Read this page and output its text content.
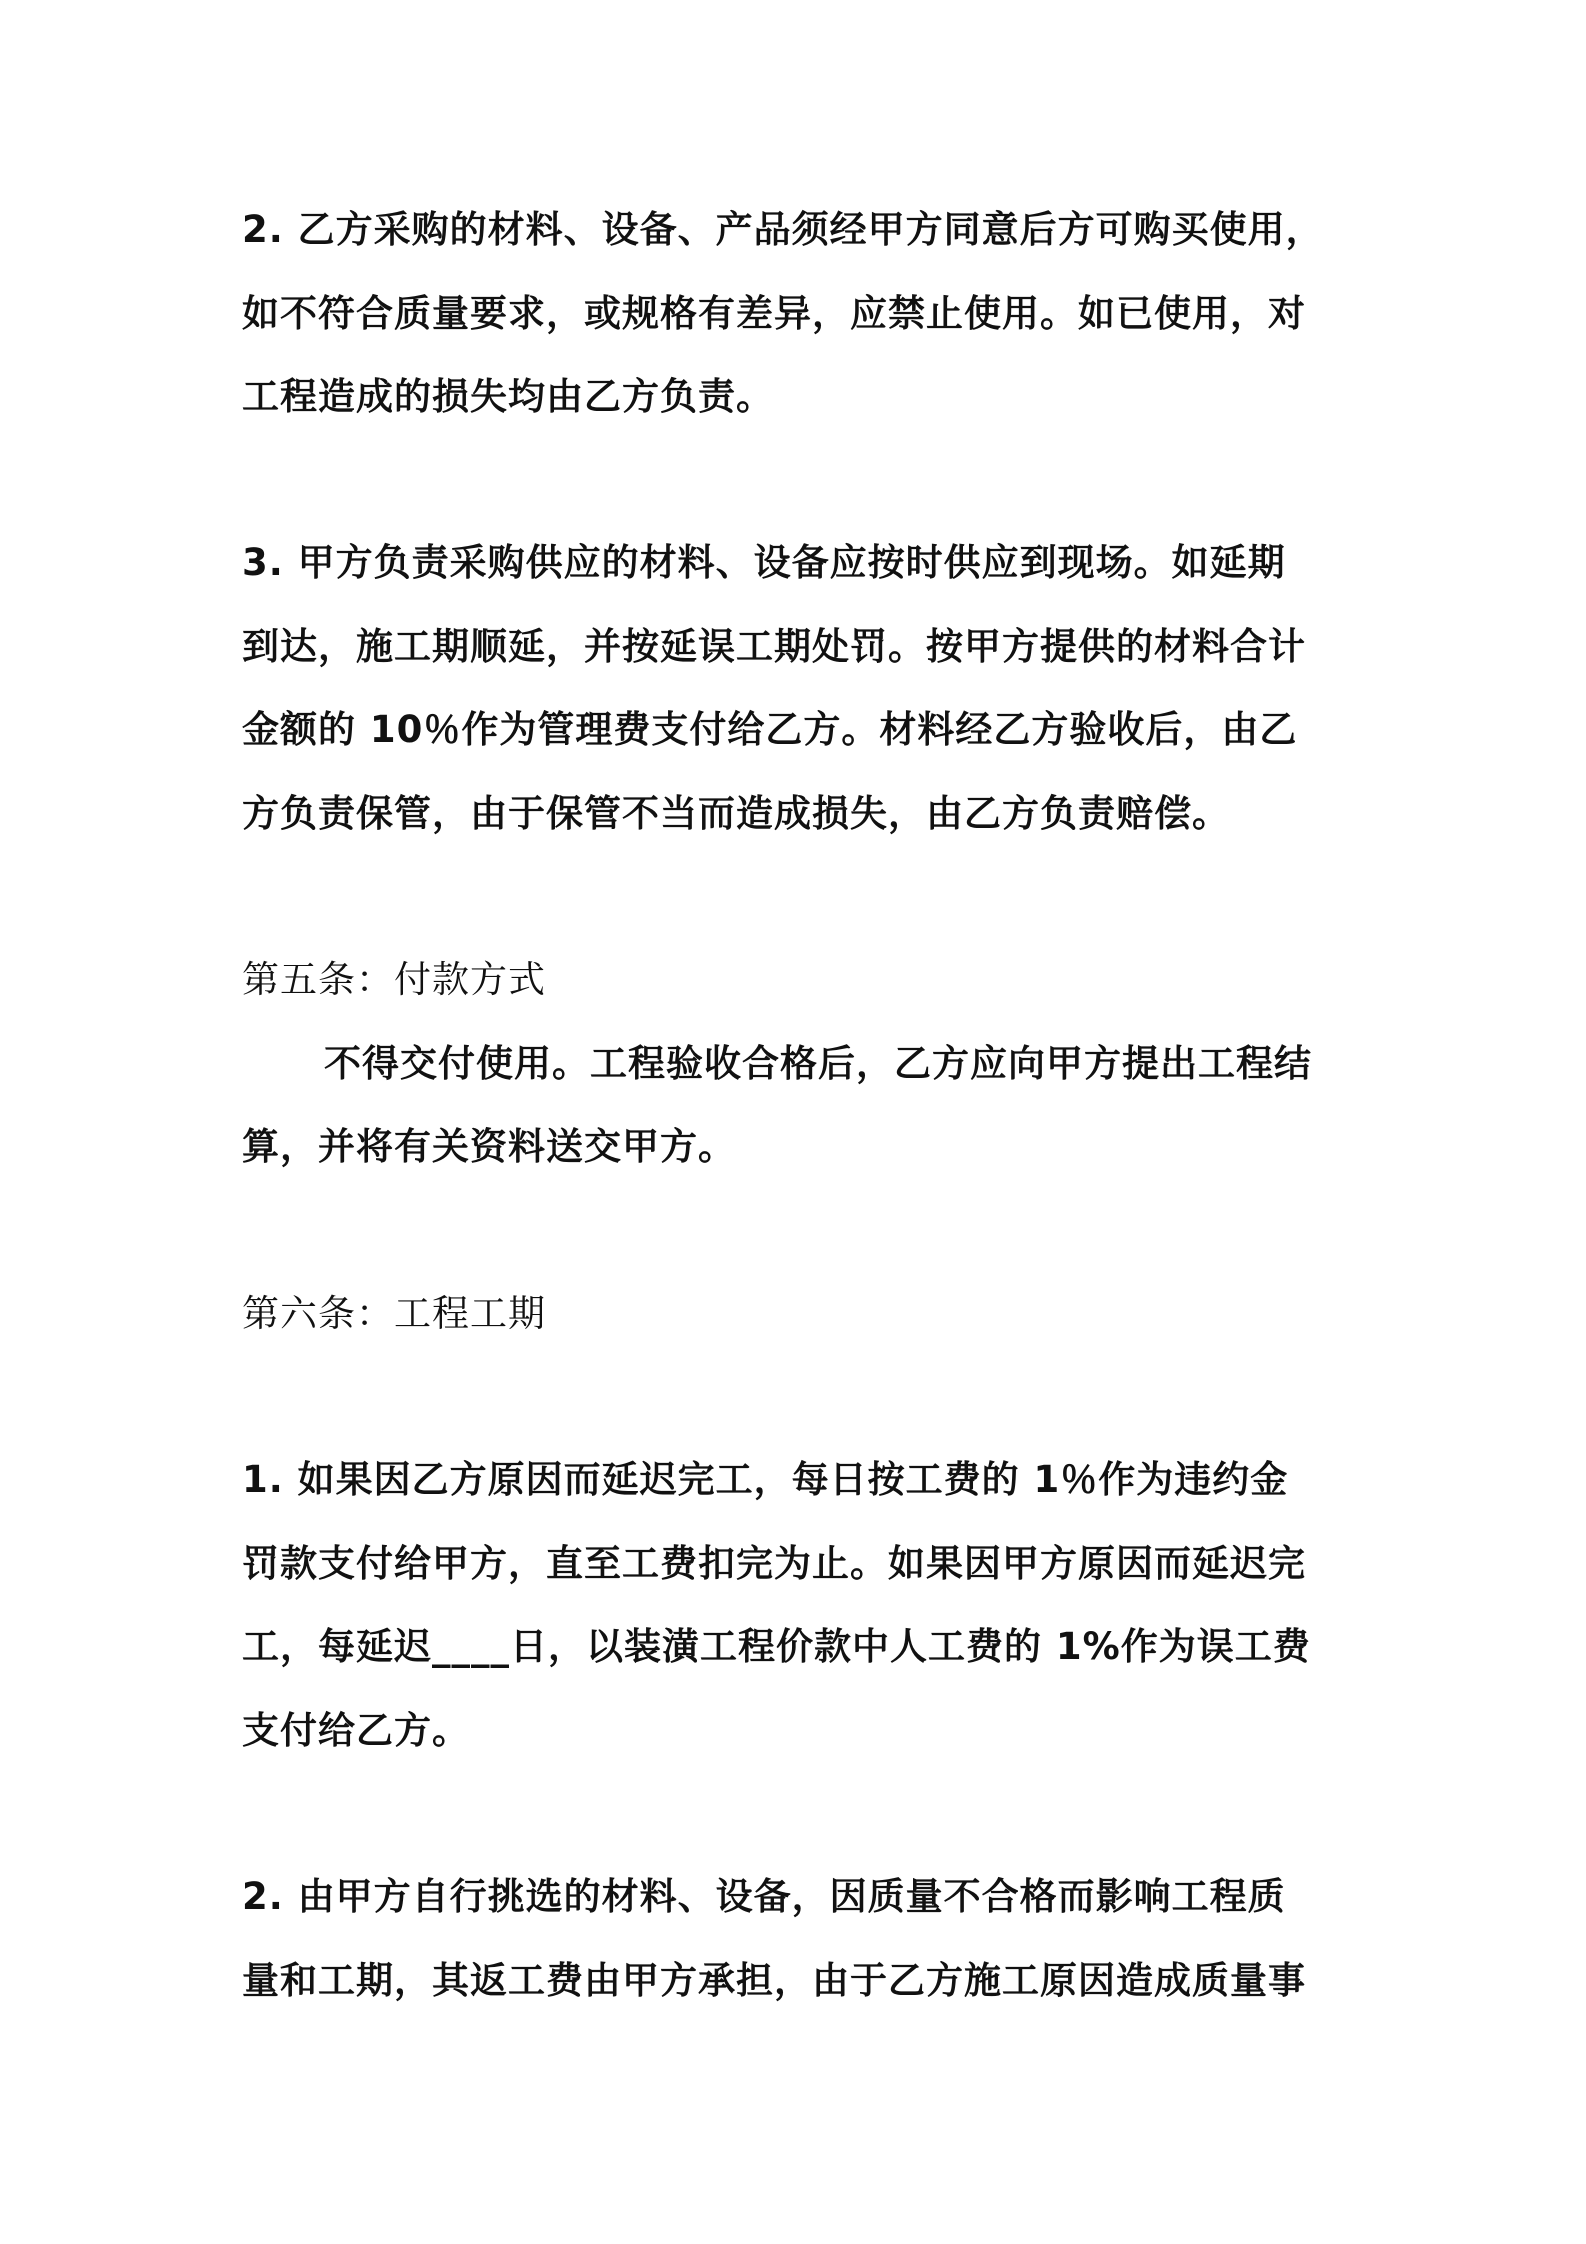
2. 乙方采购的材料、设备、产品须经甲方同意后方可购买使用，

如不符合质量要求，或规格有差异，应禁止使用。如已使用，对

工程造成的损失均由乙方负责。

3. 甲方负责采购供应的材料、设备应按时供应到现场。如延期

到达，施工期顺延，并按延误工期处罚。按甲方提供的材料合计

金额的 10％作为管理费支付给乙方。材料经乙方验收后，由乙

方负责保管，由于保管不当而造成损失，由乙方负责赔偿。

第五条：付款方式

不得交付使用。工程验收合格后，乙方应向甲方提出工程结

算，并将有关资料送交甲方。

第六条：工程工期

1. 如果因乙方原因而延迟完工，每日按工费的 1％作为违约金

罚款支付给甲方，直至工费扣完为止。如果因甲方原因而延迟完

工，每延迟____日，以装潢工程价款中人工费的 1%作为误工费

支付给乙方。

2. 由甲方自行挑选的材料、设备，因质量不合格而影响工程质

量和工期，其返工费由甲方承担，由于乙方施工原因造成质量事
